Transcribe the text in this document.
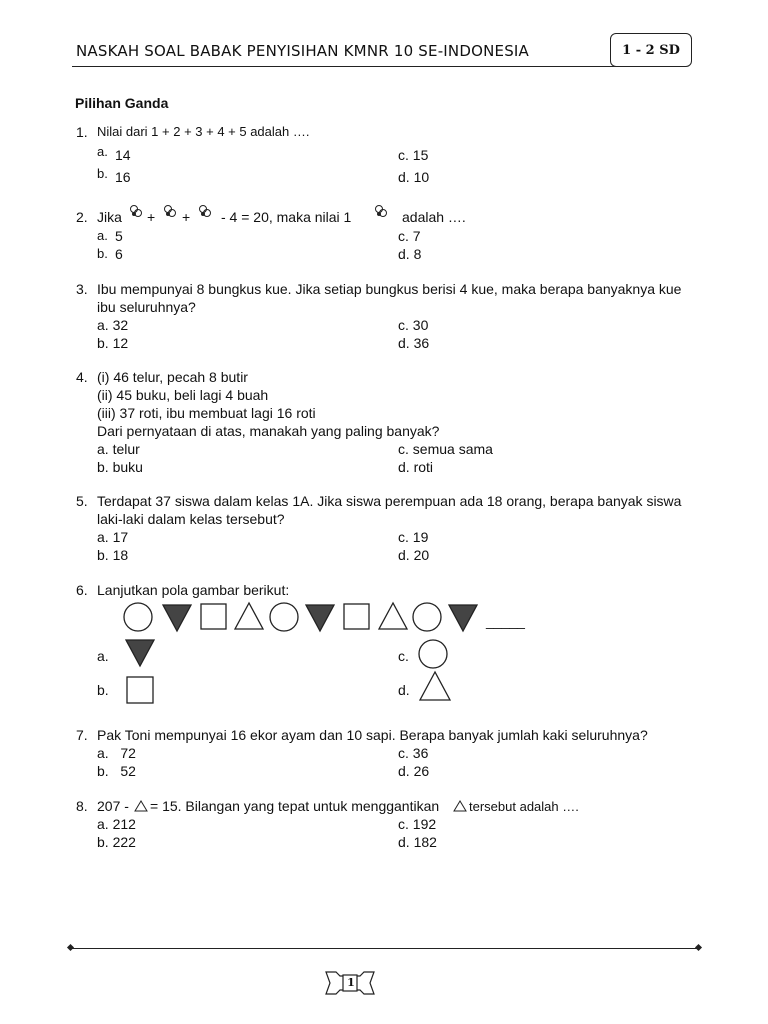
NASKAH SOAL BABAK PENYISIHAN KMNR 10 SE-INDONESIA	1 - 2 SD
Pilihan Ganda
1. Nilai dari 1 + 2 + 3 + 4 + 5 adalah ….
a. 14	c. 15
b. 16	d. 10
2. Jika + + - 4 = 20, maka nilai 1	adalah ….
a. 5	c. 7
b. 6	d. 8
3. Ibu mempunyai 8 bungkus kue. Jika setiap bungkus berisi 4 kue, maka berapa banyaknya kue
ibu seluruhnya?
a. 32	c. 30
b. 12	d. 36
4. (i) 46 telur, pecah 8 butir
(ii) 45 buku, beli lagi 4 buah
(iii) 37 roti, ibu membuat lagi 16 roti
Dari pernyataan di atas, manakah yang paling banyak?
a. telur	c. semua sama
b. buku	d. roti
5. Terdapat 37 siswa dalam kelas 1A. Jika siswa perempuan ada 18 orang, berapa banyak siswa
laki-laki dalam kelas tersebut?
a. 17	c. 19
b. 18	d. 20
6. Lanjutkan pola gambar berikut:
_____
a.	c.
b.	d.
7. Pak Toni mempunyai 16 ekor ayam dan 10 sapi. Berapa banyak jumlah kaki seluruhnya?
a.   72	c. 36
b.   52	d. 26
8. 207 - = 15. Bilangan yang tepat untuk menggantikan tersebut adalah ….
a. 212	c. 192
b. 222	d. 182
1
